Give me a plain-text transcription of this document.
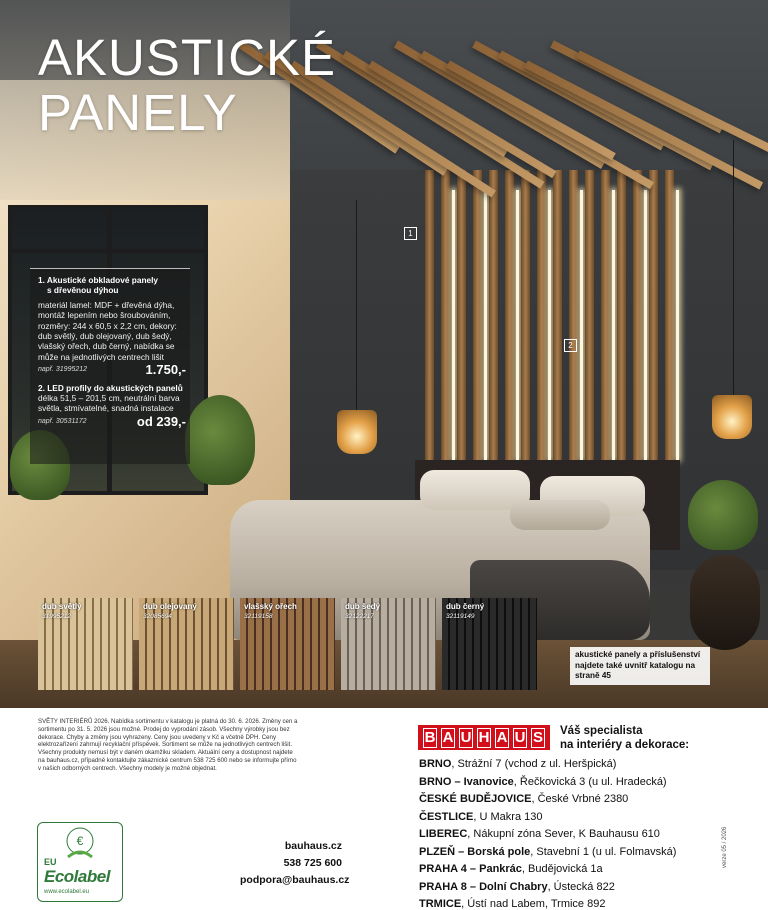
AKUSTICKÉ
PANELY
1
2
1. Akustické obkladové panely
s dřevěnou dýhou
materiál lamel: MDF + dřevěná dýha, montáž lepením nebo šroubováním, rozměry: 244 x 60,5 x 2,2 cm, dekory: dub světlý, dub olejovaný, dub šedý, vlašský ořech, dub černý, nabídka se může na jednotlivých centrech lišit
např. 31995212	1.750,-
2. LED profily do akustických panelů
délka 51,5 – 201,5 cm, neutrální barva světla, stmívatelné, snadná instalace
např. 30531172	od 239,-
dub světlý
31995212
dub olejovaný
32085694
vlašský ořech
32119158
dub šedý
32122217
dub černý
32119149
akustické panely a příslušenství najdete také uvnitř katalogu na straně 45
SVĚTY INTERIÉRŮ 2026. Nabídka sortimentu v katalogu je platná do 30. 6. 2026. Změny cen a sortimentu po 31. 5. 2026 jsou možné. Prodej do vyprodání zásob. Všechny výrobky jsou bez dekorace. Chyby a změny jsou vyhrazeny. Ceny jsou uvedeny v Kč a včetně DPH. Ceny elektrozařízení zahrnují recyklační příspěvek. Sortiment se může na jednotlivých centrech lišit. Všechny produkty nemusí být v daném okamžiku skladem. Aktuální ceny a dostupnost najdete na bauhaus.cz, případně kontaktujte zákaznické centrum 538 725 600 nebo se informujte přímo v našich odborných centrech. Všechny modely je možné objednat.
€
EU
Ecolabel
www.ecolabel.eu
bauhaus.cz
538 725 600
podpora@bauhaus.cz
B A U H A U S Váš specialista
na interiéry a dekorace:
BRNO, Strážní 7 (vchod z ul. Heršpická)
BRNO – Ivanovice, Řečkovická 3 (u ul. Hradecká)
ČESKÉ BUDĚJOVICE, České Vrbné 2380
ČESTLICE, U Makra 130
LIBEREC, Nákupní zóna Sever, K Bauhausu 610
PLZEŇ – Borská pole, Stavební 1 (u ul. Folmavská)
PRAHA 4 – Pankrác, Budějovická 1a
PRAHA 8 – Dolní Chabry, Ústecká 822
TRMICE, Ústí nad Labem, Trmice 892
verze 05 / 2026
